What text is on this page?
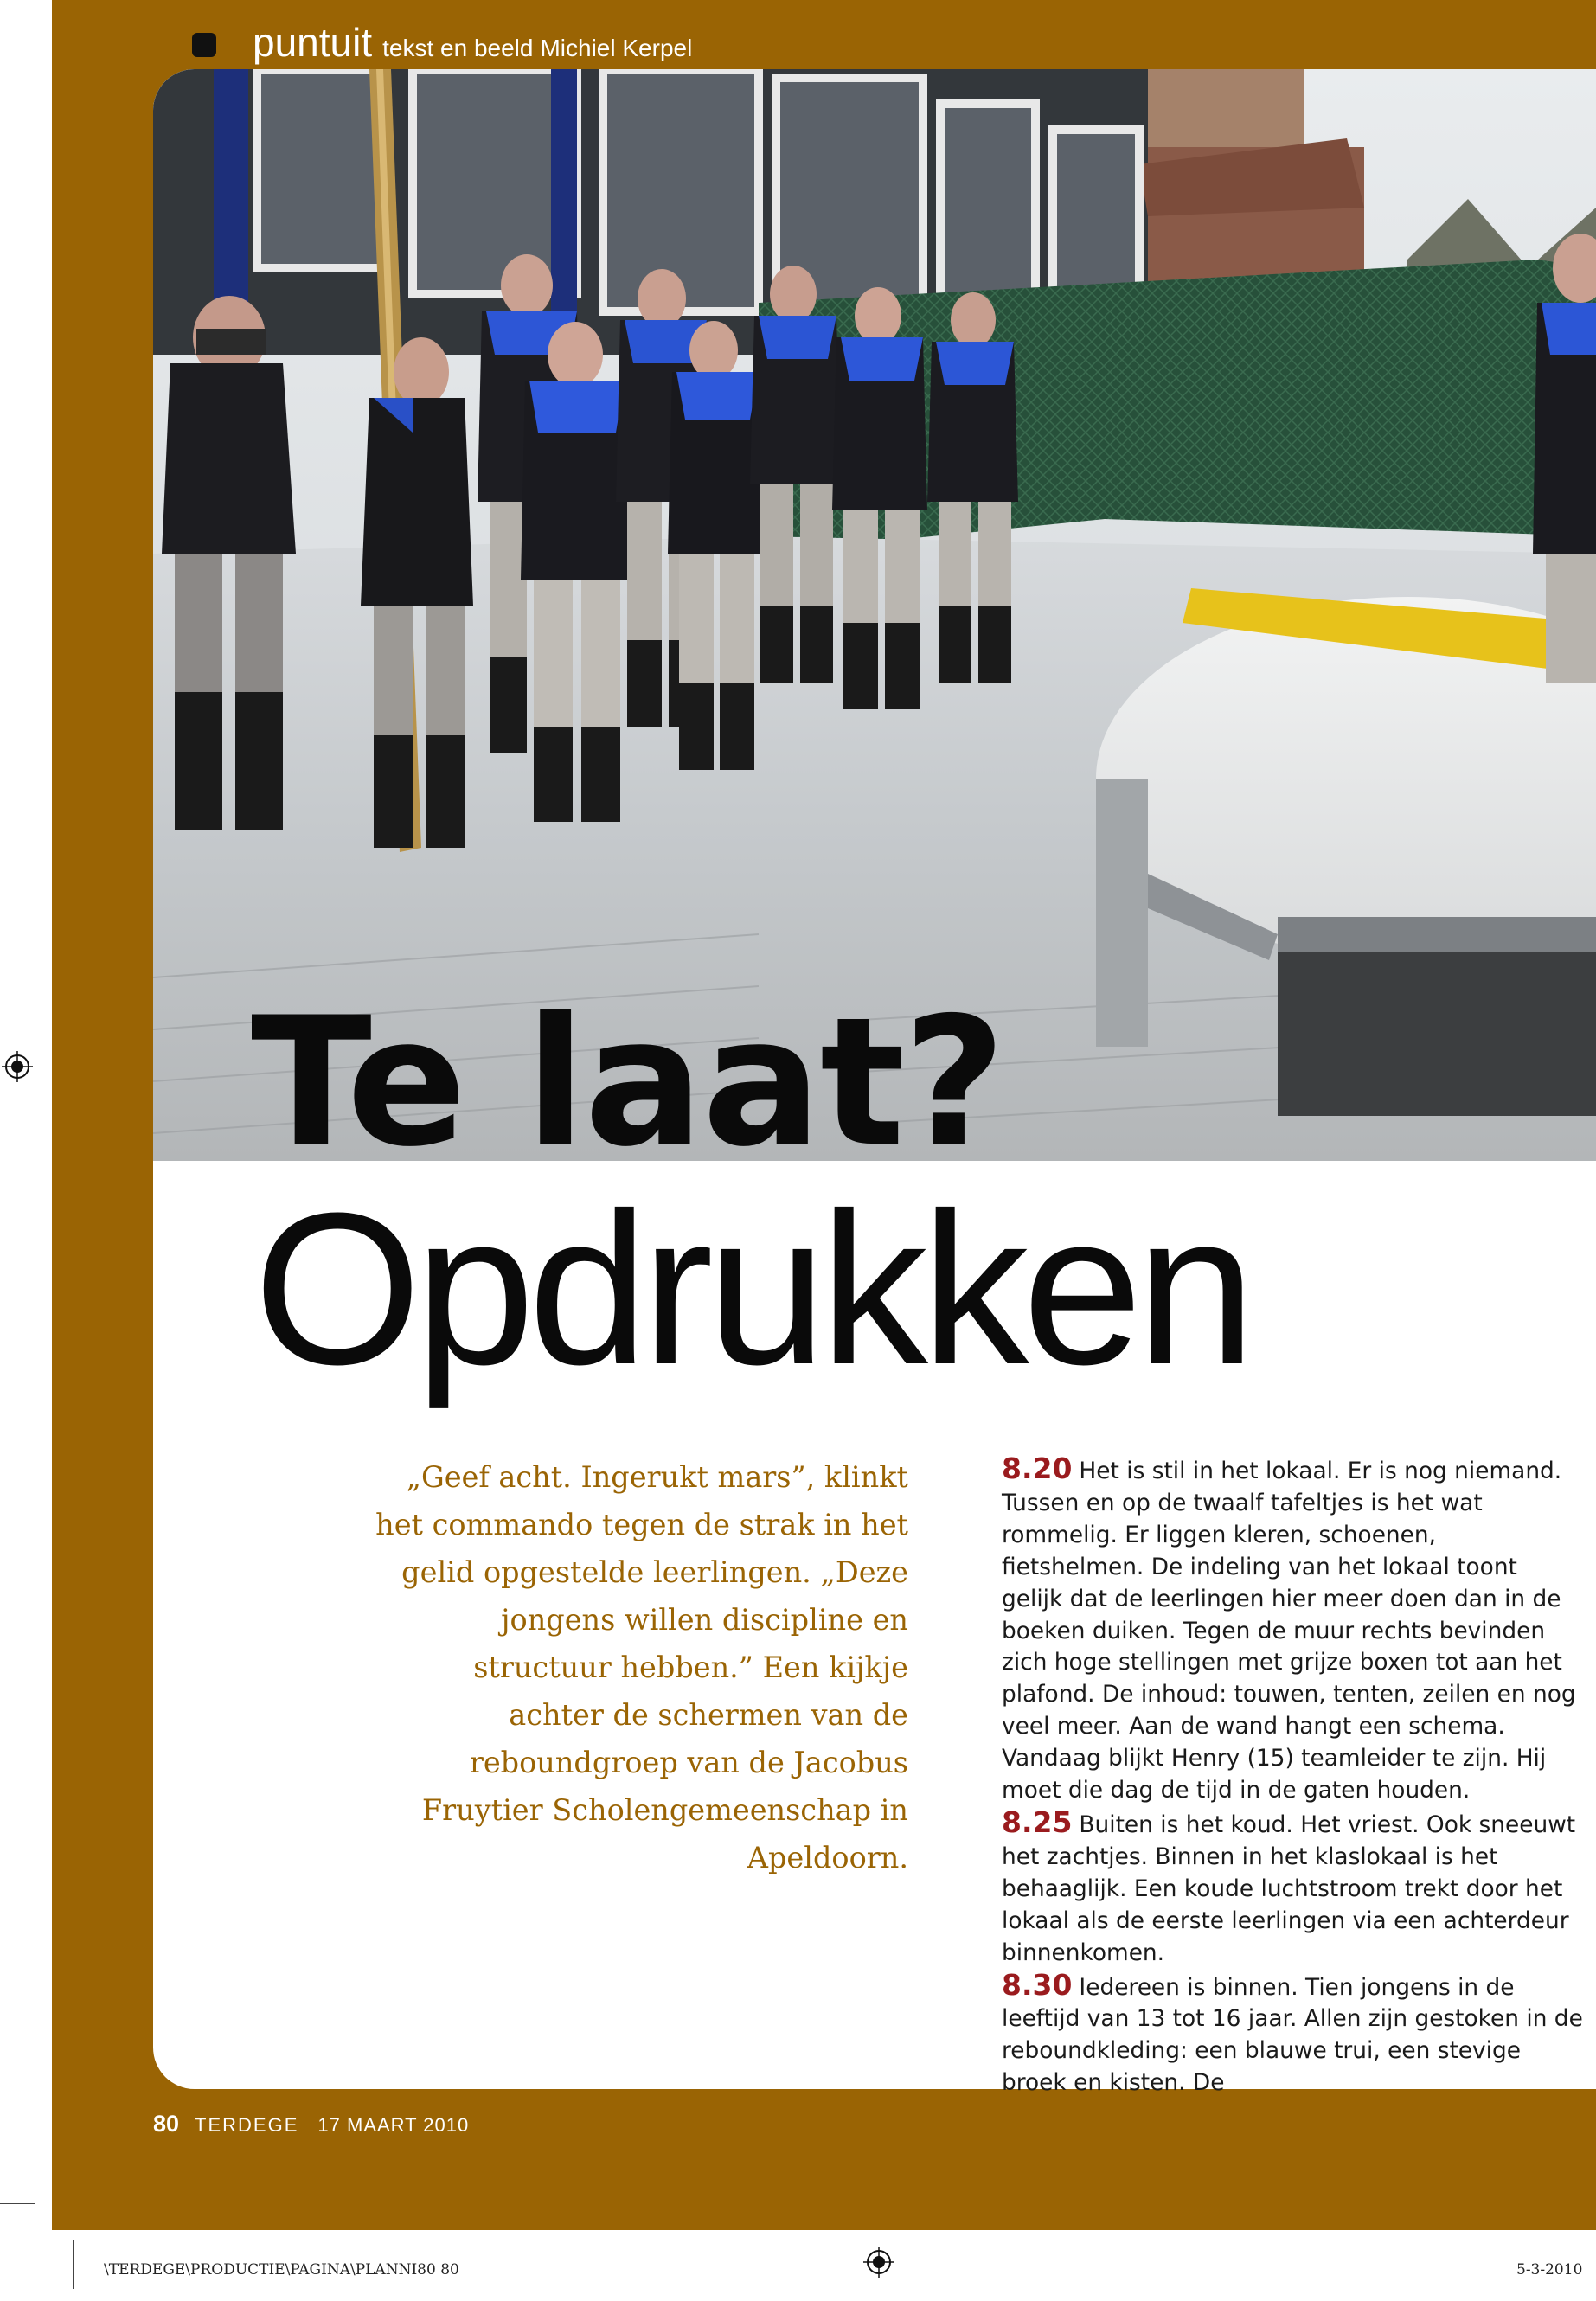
puntuit tekst en beeld Michiel Kerpel
Te laat?
Opdrukken
„Geef acht. Ingerukt mars”, klinkt het commando tegen de strak in het gelid opgestelde leerlingen. „Deze jongens willen discipline en structuur hebben.” Een kijkje achter de schermen van de reboundgroep van de Jacobus Fruytier Scholengemeenschap in Apeldoorn.

8.20 Het is stil in het lokaal. Er is nog niemand. Tussen en op de twaalf tafeltjes is het wat rommelig. Er liggen kleren, schoenen, fietshelmen. De indeling van het lokaal toont gelijk dat de leerlingen hier meer doen dan in de boeken duiken. Tegen de muur rechts bevinden zich hoge stellingen met grijze boxen tot aan het plafond. De inhoud: touwen, tenten, zeilen en nog veel meer. Aan de wand hangt een schema. Vandaag blijkt Henry (15) teamleider te zijn. Hij moet die dag de tijd in de gaten houden.

8.25 Buiten is het koud. Het vriest. Ook sneeuwt het zachtjes. Binnen in het klaslokaal is het behaaglijk. Een koude luchtstroom trekt door het lokaal als de eerste leerlingen via een achterdeur binnenkomen.

8.30 Iedereen is binnen. Tien jongens in de leeftijd van 13 tot 16 jaar. Allen zijn gestoken in de reboundkleding: een blauwe trui, een stevige broek en kisten. De

80 TERDEGE 17 MAART 2010
\TERDEGE\PRODUCTIE\PAGINA\PLANNI80 80	5-3-2010
